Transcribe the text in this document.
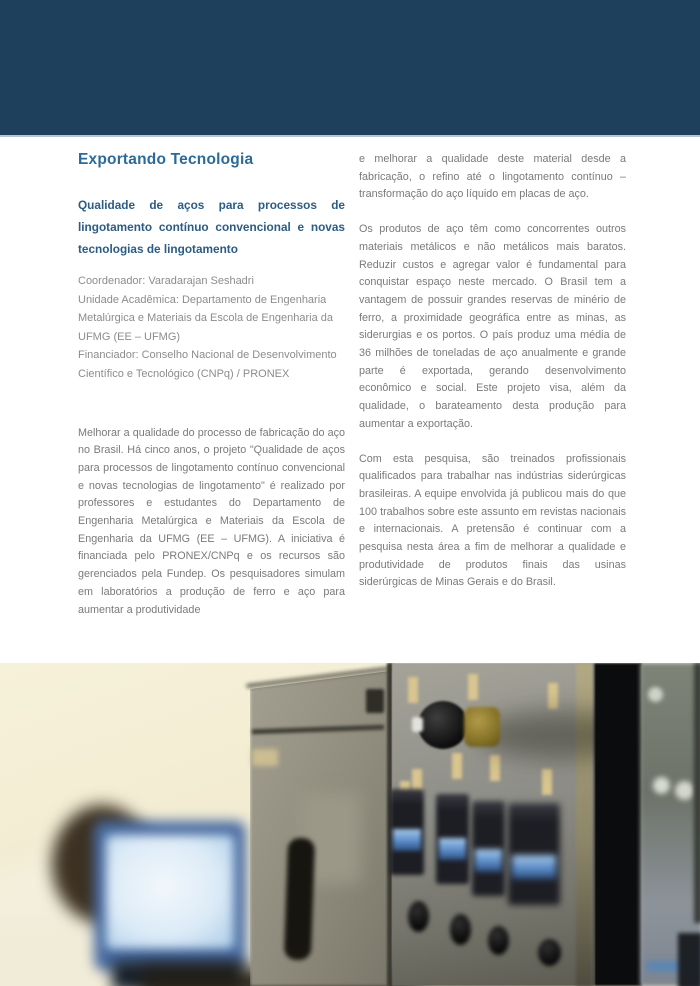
Exportando Tecnologia
Qualidade de aços para processos de lingotamento contínuo convencional e novas tecnologias de lingotamento

Coordenador: Varadarajan Seshadri

Unidade Acadêmica: Departamento de Engenharia Metalúrgica e Materiais da Escola de Engenharia da UFMG (EE – UFMG)

Financiador: Conselho Nacional de Desenvolvimento Científico e Tecnológico (CNPq) / PRONEX

Melhorar a qualidade do processo de fabricação do aço no Brasil. Há cinco anos, o projeto "Qualidade de aços para processos de lingotamento contínuo convencional e novas tecnologias de lingotamento" é realizado por professores e estudantes do Departamento de Engenharia Metalúrgica e Materiais da Escola de Engenharia da UFMG (EE – UFMG). A iniciativa é financiada pelo PRONEX/CNPq e os recursos são gerenciados pela Fundep. Os pesquisadores simulam em laboratórios a produção de ferro e aço para aumentar a produtividade

e melhorar a qualidade deste material desde a fabricação, o refino até o lingotamento contínuo –transformação do aço líquido em placas de aço.

Os produtos de aço têm como concorrentes outros materiais metálicos e não metálicos mais baratos. Reduzir custos e agregar valor é fundamental para conquistar espaço neste mercado. O Brasil tem a vantagem de possuir grandes reservas de minério de ferro, a proximidade geográfica entre as minas, as siderurgias e os portos. O país produz uma média de 36 milhões de toneladas de aço anualmente e grande parte é exportada, gerando desenvolvimento econômico e social. Este projeto visa, além da qualidade, o barateamento desta produção para aumentar a exportação.

Com esta pesquisa, são treinados profissionais qualificados para trabalhar nas indústrias siderúrgicas brasileiras. A equipe envolvida já publicou mais do que 100 trabalhos sobre este assunto em revistas nacionais e internacionais. A pretensão é continuar com a pesquisa nesta área a fim de melhorar a qualidade e produtividade de produtos finais das usinas siderúrgicas de Minas Gerais e do Brasil.
